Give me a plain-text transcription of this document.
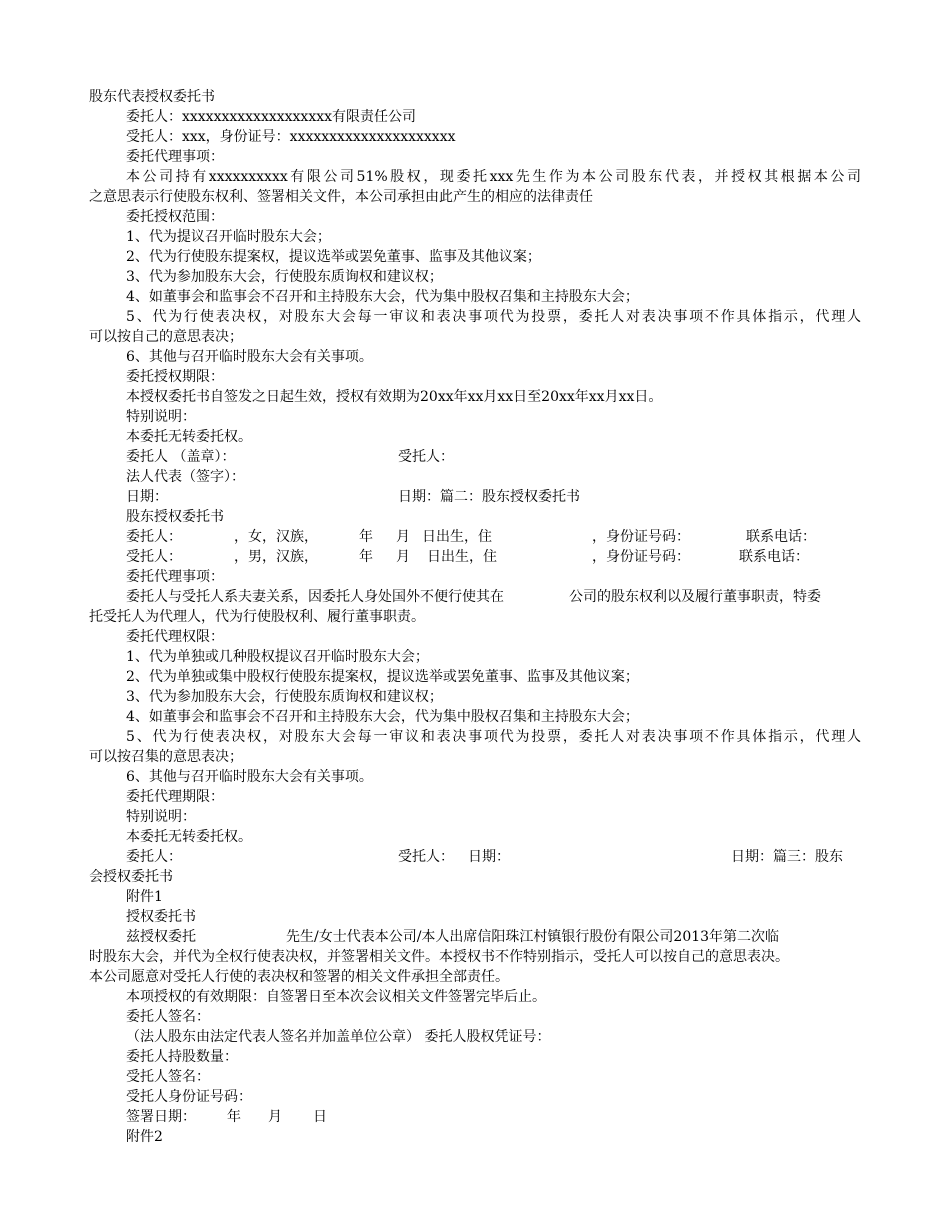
股东代表授权委托书
委托人：xxxxxxxxxxxxxxxxxxx有限责任公司
受托人：xxx，身份证号：xxxxxxxxxxxxxxxxxxxxx
委托代理事项：
本公司持有xxxxxxxxxx有限公司51%股权，现委托xxx先生作为本公司股东代表，并授权其根据本公司
之意思表示行使股东权利、签署相关文件，本公司承担由此产生的相应的法律责任
委托授权范围：
1、代为提议召开临时股东大会；
2、代为行使股东提案权，提议选举或罢免董事、监事及其他议案；
3、代为参加股东大会，行使股东质询权和建议权；
4、如董事会和监事会不召开和主持股东大会，代为集中股权召集和主持股东大会；
5、代为行使表决权，对股东大会每一审议和表决事项代为投票，委托人对表决事项不作具体指示，代理人
可以按自己的意思表决；
6、其他与召开临时股东大会有关事项。
委托授权期限：
本授权委托书自签发之日起生效，授权有效期为20xx年xx月xx日至20xx年xx月xx日。
特别说明：
本委托无转委托权。

委托人 （盖章）：

	受托人：

法人代表（签字）：

日期：

	日期：篇二：股东授权委托书

股东授权委托书

委托人：

	，女，汉族，

	年

月

日出生，住

	，身份证号码：

	联系电话：

受托人：

	，男，汉族，

	年

月

日出生，住

	，身份证号码：

	联系电话：

委托代理事项：

委托人与受托人系夫妻关系，因委托人身处国外不便行使其在

	公司的股东权利以及履行董事职责，特委

托受托人为代理人，代为行使股权利、履行董事职责。
委托代理权限：
1、代为单独或几种股权提议召开临时股东大会；
2、代为单独或集中股权行使股东提案权，提议选举或罢免董事、监事及其他议案；
3、代为参加股东大会，行使股东质询权和建议权；
4、如董事会和监事会不召开和主持股东大会，代为集中股权召集和主持股东大会；
5、代为行使表决权，对股东大会每一审议和表决事项代为投票，委托人对表决事项不作具体指示，代理人
可以按召集的意思表决；
6、其他与召开临时股东大会有关事项。
委托代理期限：
特别说明：
本委托无转委托权。

委托人：

	受托人：

日期：

	日期：篇三：股东

会授权委托书
附件1
授权委托书

兹授权委托

	先生/女士代表本公司/本人出席信阳珠江村镇银行股份有限公司2013年第二次临

时股东大会，并代为全权行使表决权，并签署相关文件。本授权书不作特别指示，受托人可以按自己的意思表决。
本公司愿意对受托人行使的表决权和签署的相关文件承担全部责任。
本项授权的有效期限：自签署日至本次会议相关文件签署完毕后止。
委托人签名：
（法人股东由法定代表人签名并加盖单位公章） 委托人股权凭证号：
委托人持股数量：
受托人签名：
受托人身份证号码：

签署日期：

年

月

日

附件2
